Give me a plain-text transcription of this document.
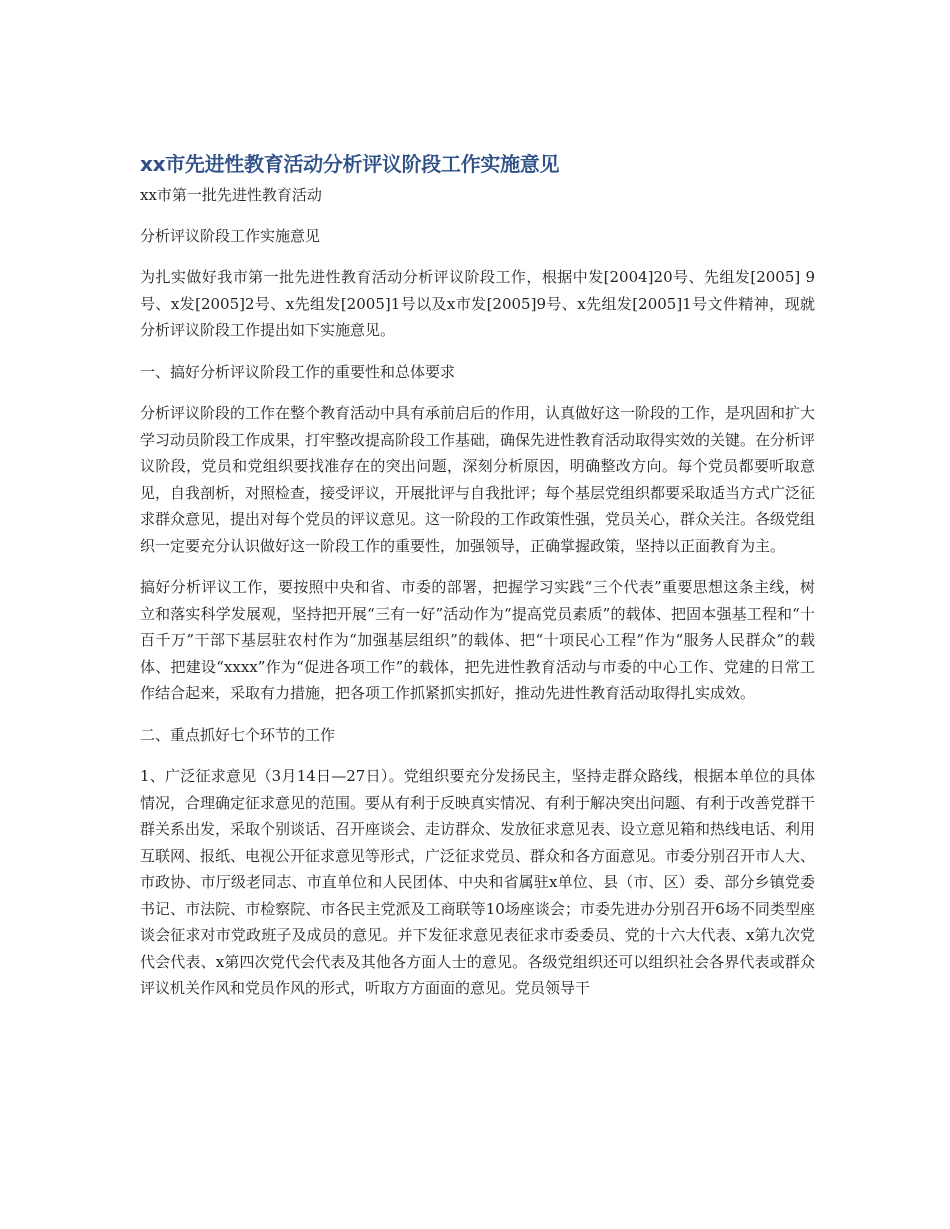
xx市先进性教育活动分析评议阶段工作实施意见

xx市第一批先进性教育活动

分析评议阶段工作实施意见

为扎实做好我市第一批先进性教育活动分析评议阶段工作，根据中发[2004]20号、先组发[2005] 9号、x发[2005]2号、x先组发[2005]1号以及x市发[2005]9号、x先组发[2005]1号文件精神，现就分析评议阶段工作提出如下实施意见。

一、搞好分析评议阶段工作的重要性和总体要求

分析评议阶段的工作在整个教育活动中具有承前启后的作用，认真做好这一阶段的工作，是巩固和扩大学习动员阶段工作成果，打牢整改提高阶段工作基础，确保先进性教育活动取得实效的关键。在分析评议阶段，党员和党组织要找准存在的突出问题，深刻分析原因，明确整改方向。每个党员都要听取意见，自我剖析，对照检查，接受评议，开展批评与自我批评；每个基层党组织都要采取适当方式广泛征求群众意见，提出对每个党员的评议意见。这一阶段的工作政策性强，党员关心，群众关注。各级党组织一定要充分认识做好这一阶段工作的重要性，加强领导，正确掌握政策，坚持以正面教育为主。

搞好分析评议工作，要按照中央和省、市委的部署，把握学习实践“三个代表”重要思想这条主线，树立和落实科学发展观，坚持把开展“三有一好”活动作为“提高党员素质”的载体、把固本强基工程和“十百千万”干部下基层驻农村作为“加强基层组织”的载体、把“十项民心工程”作为“服务人民群众”的载体、把建设“xxxx”作为“促进各项工作”的载体，把先进性教育活动与市委的中心工作、党建的日常工作结合起来，采取有力措施，把各项工作抓紧抓实抓好，推动先进性教育活动取得扎实成效。

二、重点抓好七个环节的工作

1、广泛征求意见（3月14日—27日）。党组织要充分发扬民主，坚持走群众路线，根据本单位的具体情况，合理确定征求意见的范围。要从有利于反映真实情况、有利于解决突出问题、有利于改善党群干群关系出发，采取个别谈话、召开座谈会、走访群众、发放征求意见表、设立意见箱和热线电话、利用互联网、报纸、电视公开征求意见等形式，广泛征求党员、群众和各方面意见。市委分别召开市人大、市政协、市厅级老同志、市直单位和人民团体、中央和省属驻x单位、县（市、区）委、部分乡镇党委书记、市法院、市检察院、市各民主党派及工商联等10场座谈会；市委先进办分别召开6场不同类型座谈会征求对市党政班子及成员的意见。并下发征求意见表征求市委委员、党的十六大代表、x第九次党代会代表、x第四次党代会代表及其他各方面人士的意见。各级党组织还可以组织社会各界代表或群众评议机关作风和党员作风的形式，听取方方面面的意见。党员领导干
